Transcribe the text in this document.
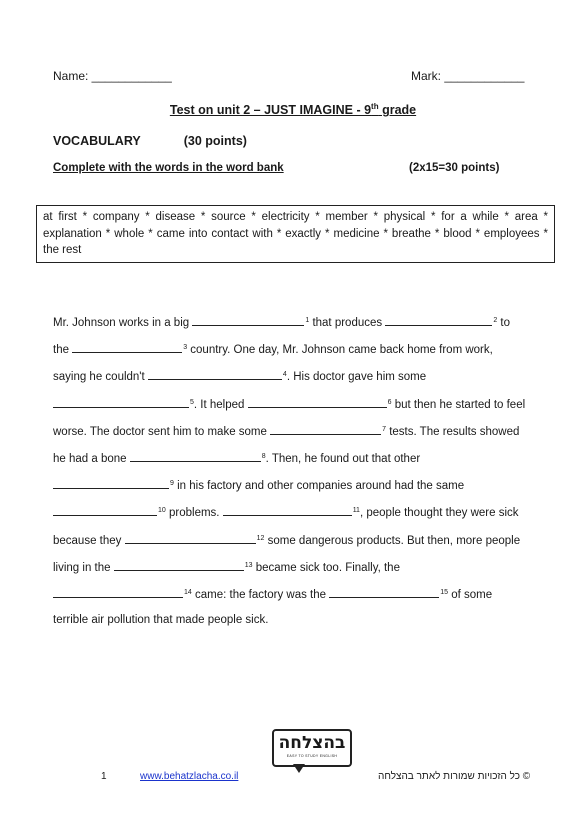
Name: ____________	Mark: ____________
Test on unit 2 – JUST IMAGINE - 9th grade
VOCABULARY	(30 points)
Complete with the words in the word bank	(2x15=30 points)
at first * company * disease * source * electricity * member * physical * for a while * area * explanation * whole * came into contact with * exactly * medicine * breathe * blood * employees * the rest
Mr. Johnson works in a big	$^1$ that produces	$^2$ to
the	$^3$ country. One day, Mr. Johnson came back home from work,
saying he couldn't	$^4$. His doctor gave him some
$^5$. It helped	$^6$ but then he started to feel
worse. The doctor sent him to make some	$^7$ tests. The results showed
he had a bone	$^8$. Then, he found out that other
$^9$ in his factory and other companies around had the same
$^{10}$ problems.	$^{11}$, people thought they were sick
because they	$^{12}$ some dangerous products. But then, more people
living in the	$^{13}$ became sick too. Finally, the
$^{14}$ came: the factory was the	$^{15}$ of some
terrible air pollution that made people sick.
בהצלחה
EASY TO STUDY ENGLISH
1	www.behatzlacha.co.il	© כל הזכויות שמורות לאתר בהצלחה
